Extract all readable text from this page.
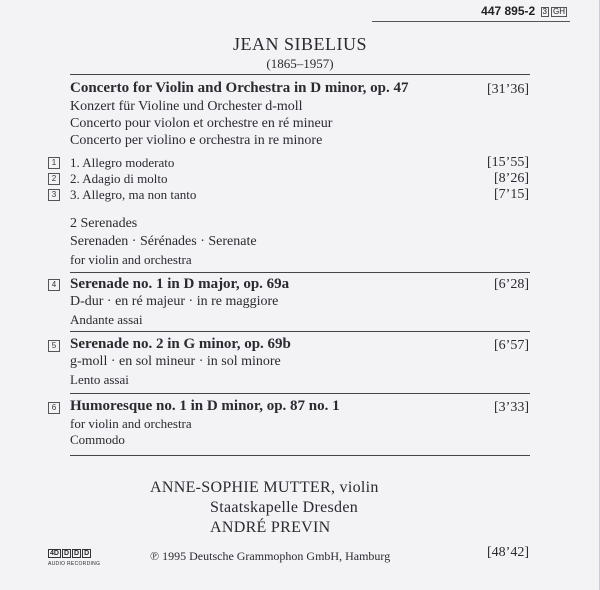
447 895-2 3 GH
JEAN SIBELIUS
(1865–1957)
Concerto for Violin and Orchestra in D minor, op. 47	[31’36]
Konzert für Violine und Orchester d-moll
Concerto pour violon et orchestre en ré mineur
Concerto per violino e orchestra in re minore
1 1. Allegro moderato	[15’55]
2 2. Adagio di molto	[8’26]
3 3. Allegro, ma non tanto	[7’15]
2 Serenades
Serenaden · Sérénades · Serenate
for violin and orchestra
4 Serenade no. 1 in D major, op. 69a	[6’28]
D-dur · en ré majeur · in re maggiore
Andante assai
5 Serenade no. 2 in G minor, op. 69b	[6’57]
g-moll · en sol mineur · in sol minore
Lento assai
6 Humoresque no. 1 in D minor, op. 87 no. 1	[3’33]
for violin and orchestra
Commodo
ANNE-SOPHIE MUTTER, violin
Staatskapelle Dresden
ANDRÉ PREVIN
4D D D D
AUDIO RECORDING
℗ 1995 Deutsche Grammophon GmbH, Hamburg	[48’42]
